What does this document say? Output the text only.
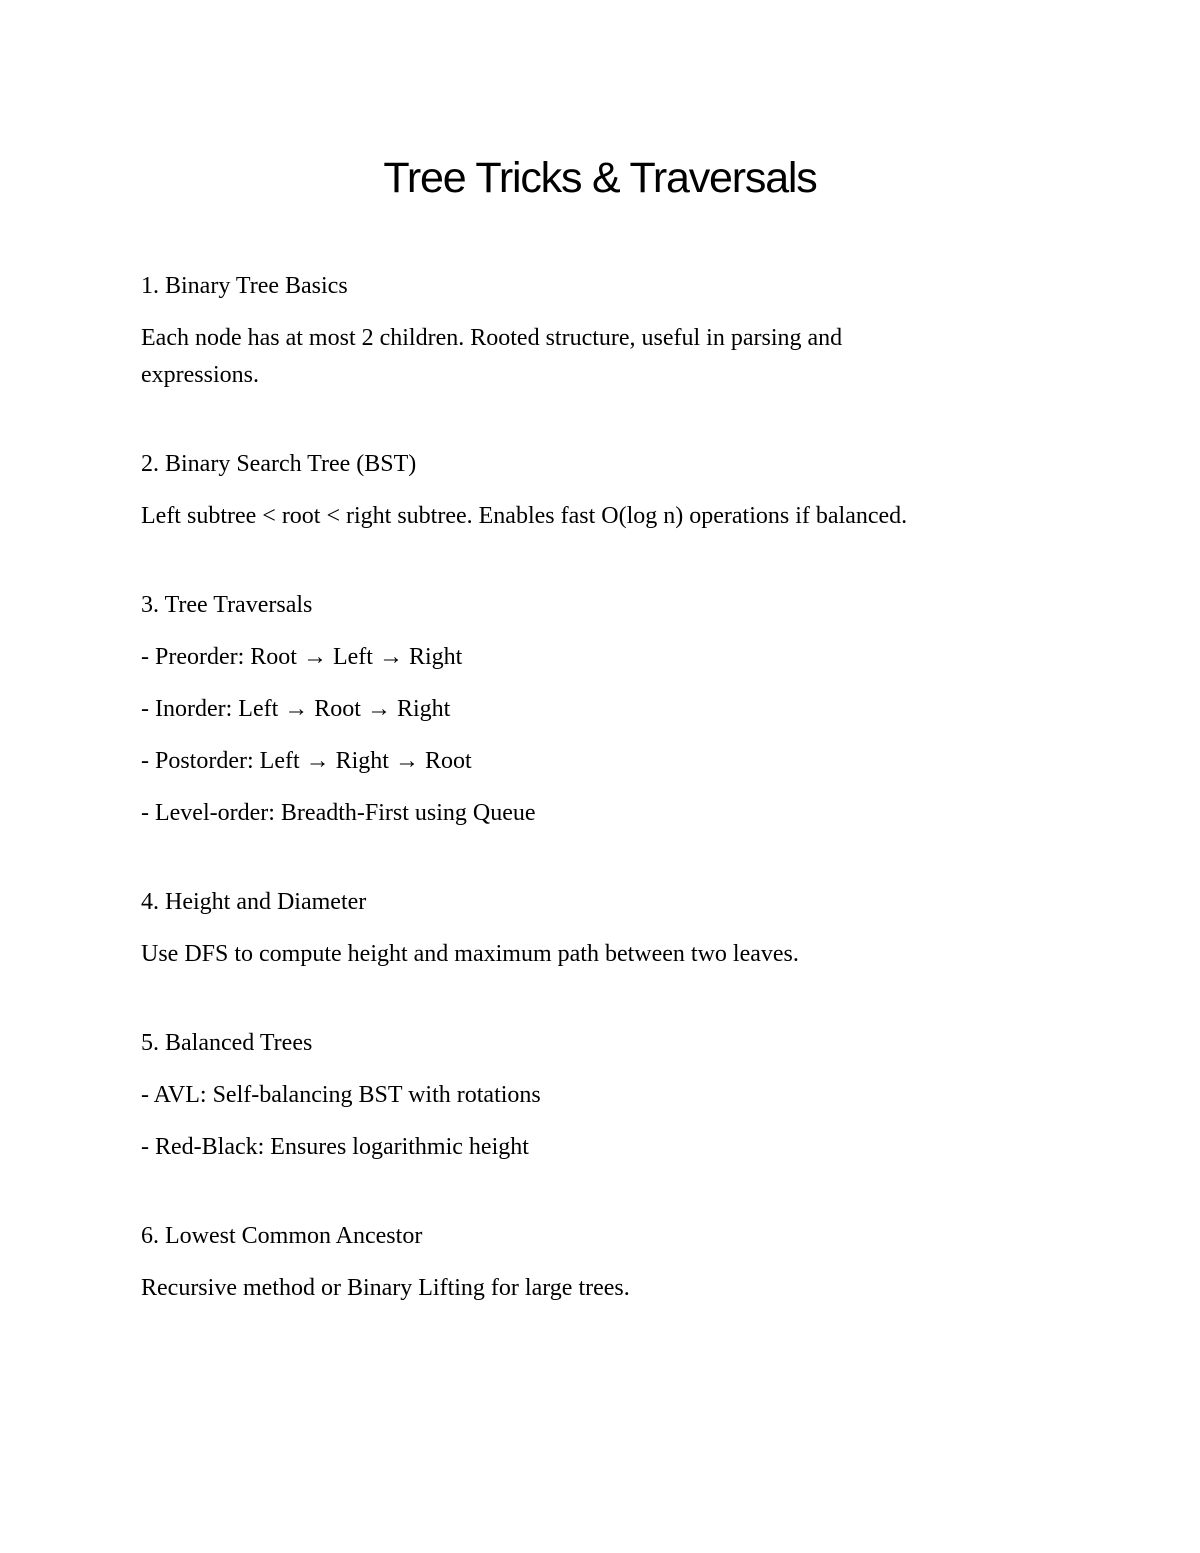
Tree Tricks & Traversals

1. Binary Tree Basics

Each node has at most 2 children. Rooted structure, useful in parsing and expressions.

2. Binary Search Tree (BST)

Left subtree < root < right subtree. Enables fast O(log n) operations if balanced.

3. Tree Traversals

- Preorder: Root → Left → Right

- Inorder: Left → Root → Right

- Postorder: Left → Right → Root

- Level-order: Breadth-First using Queue

4. Height and Diameter

Use DFS to compute height and maximum path between two leaves.

5. Balanced Trees

- AVL: Self-balancing BST with rotations

- Red-Black: Ensures logarithmic height

6. Lowest Common Ancestor

Recursive method or Binary Lifting for large trees.
